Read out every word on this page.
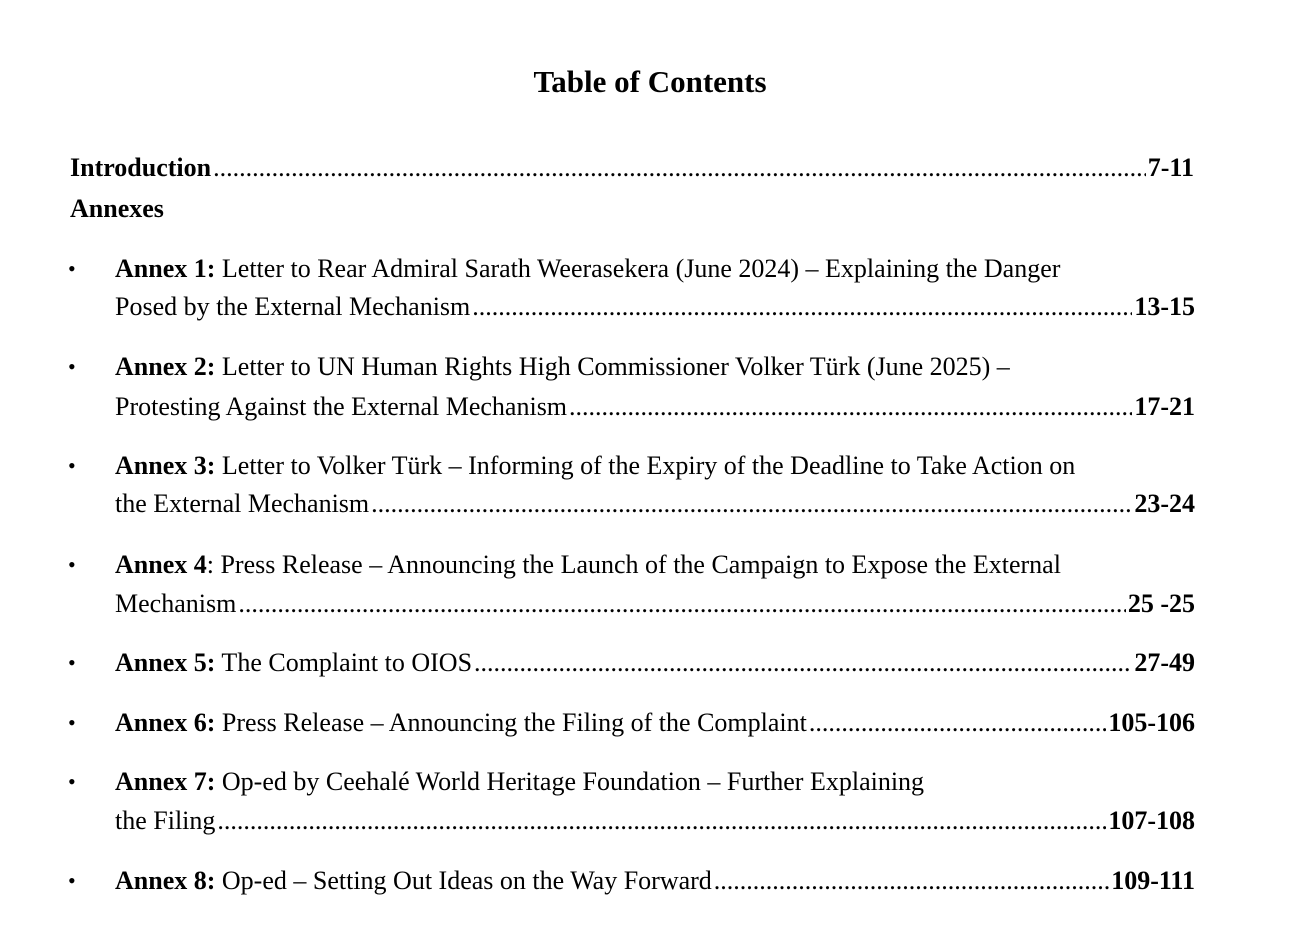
Table of Contents
Introduction .....	7-11
Annexes
• Annex 1: Letter to Rear Admiral Sarath Weerasekera (June 2024) – Explaining the Danger
Posed by the External Mechanism .....	13-15
• Annex 2: Letter to UN Human Rights High Commissioner Volker Türk (June 2025) –
Protesting Against the External Mechanism .....	17-21
• Annex 3: Letter to Volker Türk – Informing of the Expiry of the Deadline to Take Action on
the External Mechanism .....	23-24
• Annex 4: Press Release – Announcing the Launch of the Campaign to Expose the External
Mechanism .....	25 -25
• Annex 5: The Complaint to OIOS .....	27-49
• Annex 6: Press Release – Announcing the Filing of the Complaint .....	105-106
• Annex 7: Op-ed by Ceehalé World Heritage Foundation – Further Explaining
the Filing .....	107-108
• Annex 8: Op-ed – Setting Out Ideas on the Way Forward .....	109-111
